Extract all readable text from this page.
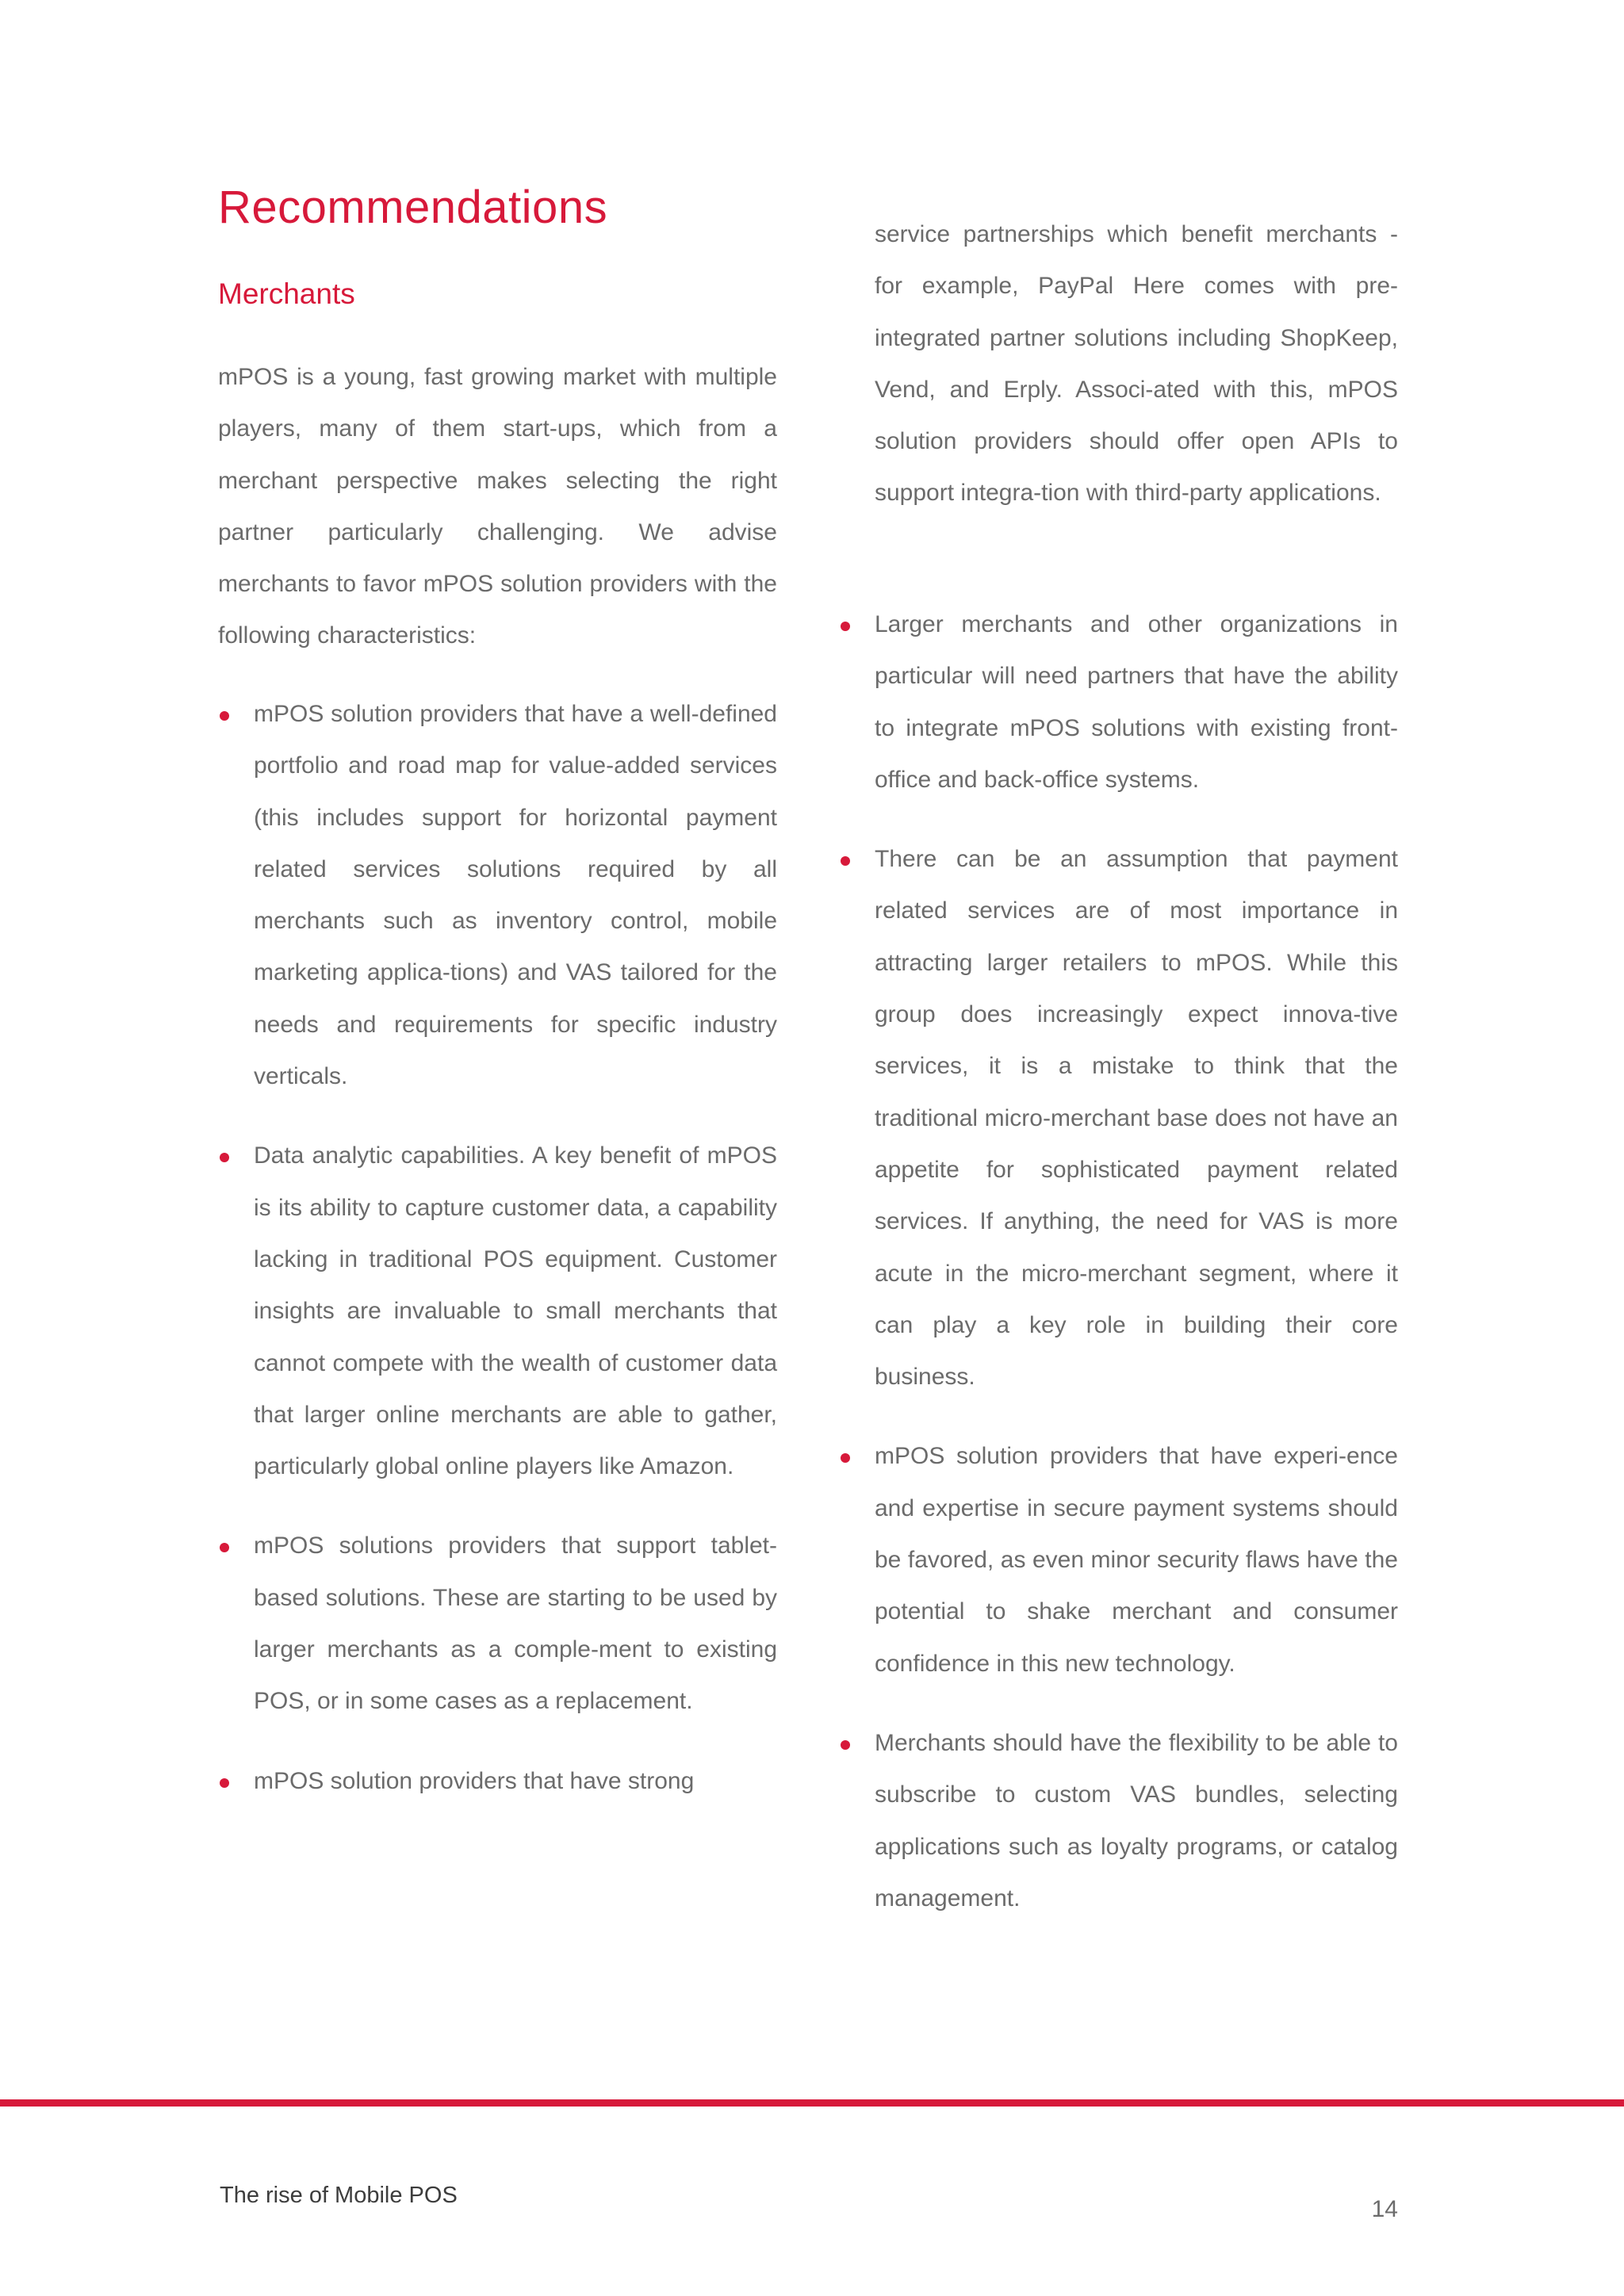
Recommendations
Merchants

mPOS is a young, fast growing market with multiple players, many of them start-ups, which from a merchant perspective makes selecting the right partner particularly challenging. We advise merchants to favor mPOS solution providers with the following characteristics:

mPOS solution providers that have a well-defined portfolio and road map for value-added services (this includes support for horizontal payment related services solutions required by all merchants such as inventory control, mobile marketing applica-tions) and VAS tailored for the needs and requirements for specific industry verticals.
Data analytic capabilities. A key benefit of mPOS is its ability to capture customer data, a capability lacking in traditional POS equipment. Customer insights are invaluable to small merchants that cannot compete with the wealth of customer data that larger online merchants are able to gather, particularly global online players like Amazon.
mPOS solutions providers that support tablet-based solutions. These are starting to be used by larger merchants as a comple-ment to existing POS, or in some cases as a replacement.
mPOS solution providers that have strong

service partnerships which benefit merchants - for example, PayPal Here comes with pre-integrated partner solutions including ShopKeep, Vend, and Erply. Associ-ated with this, mPOS solution providers should offer open APIs to support integra-tion with third-party applications.

Larger merchants and other organizations in particular will need partners that have the ability to integrate mPOS solutions with existing front-office and back-office systems.
There can be an assumption that payment related services are of most importance in attracting larger retailers to mPOS. While this group does increasingly expect innova-tive services, it is a mistake to think that the traditional micro-merchant base does not have an appetite for sophisticated payment related services. If anything, the need for VAS is more acute in the micro-merchant segment, where it can play a key role in building their core business.
mPOS solution providers that have experi-ence and expertise in secure payment systems should be favored, as even minor security flaws have the potential to shake merchant and consumer confidence in this new technology.
Merchants should have the flexibility to be able to subscribe to custom VAS bundles, selecting applications such as loyalty programs, or catalog management.
The rise of Mobile POS
14
